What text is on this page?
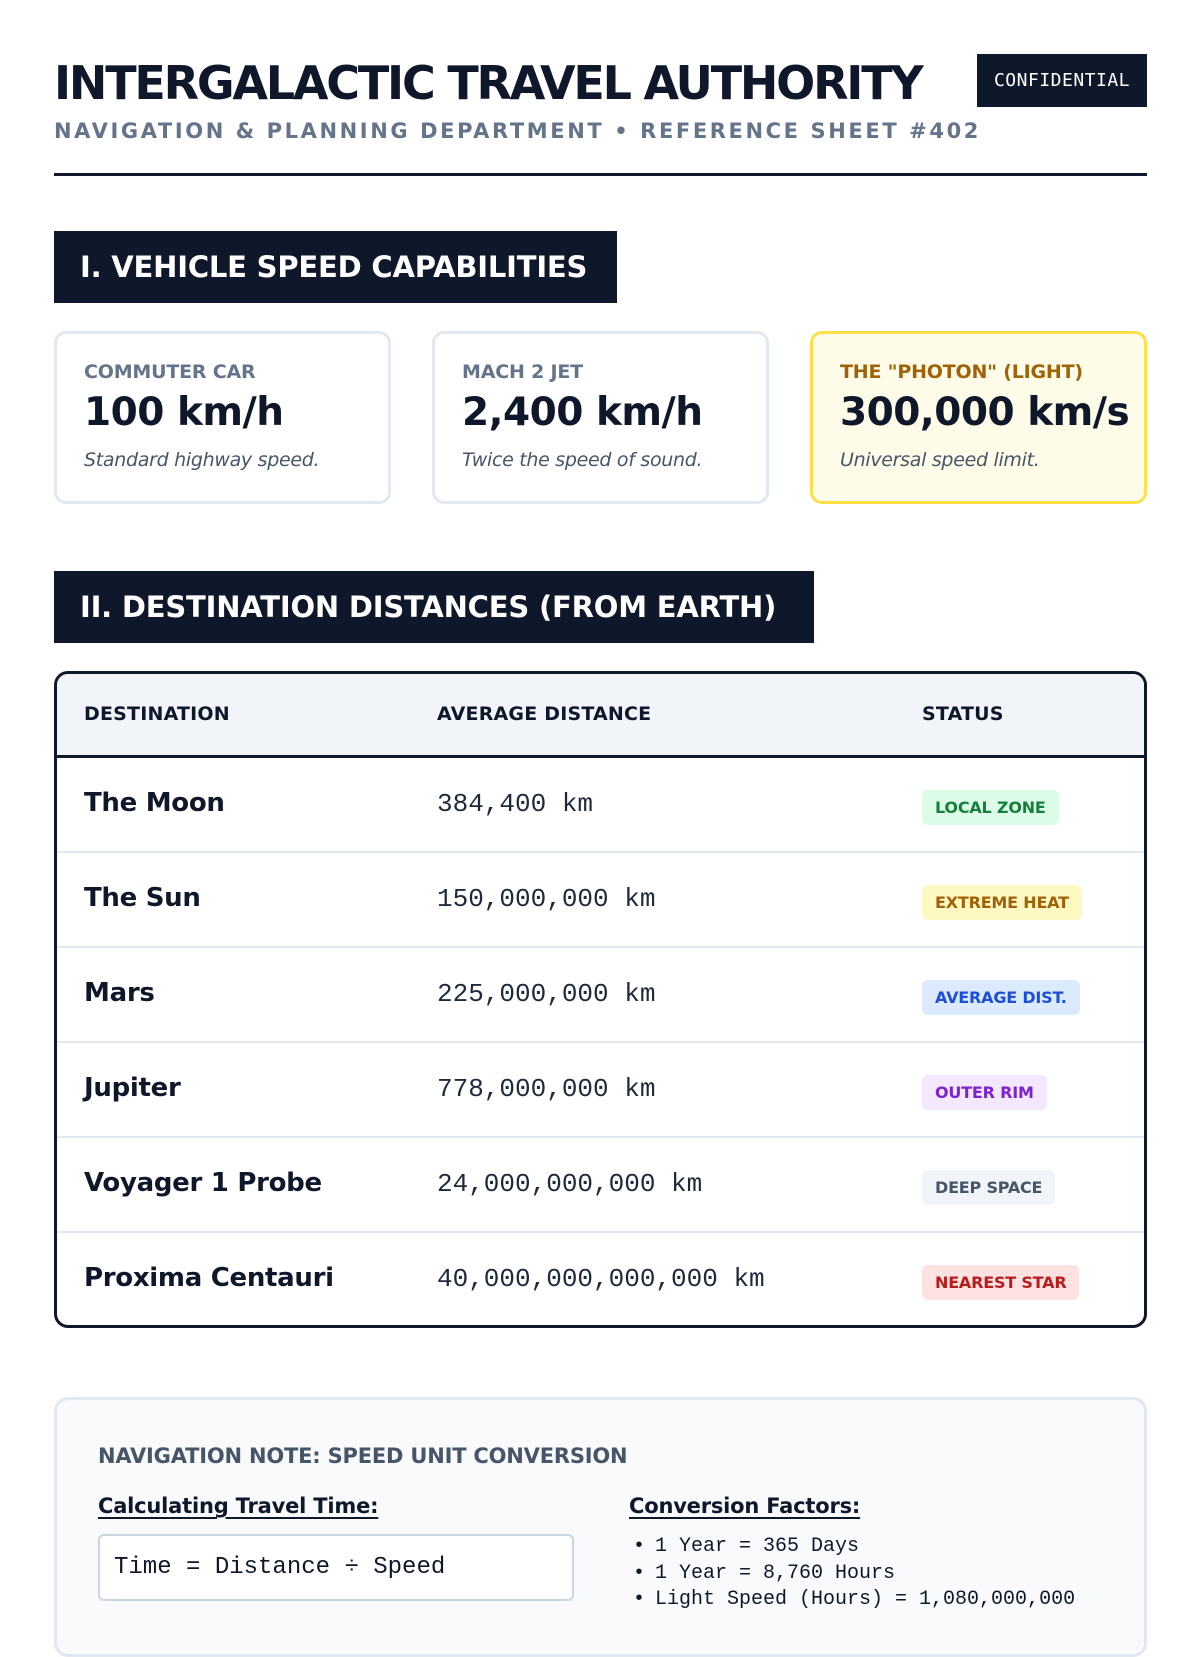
INTERGALACTIC TRAVEL AUTHORITY
NAVIGATION & PLANNING DEPARTMENT • REFERENCE SHEET #402
CONFIDENTIAL
I. VEHICLE SPEED CAPABILITIES
COMMUTER CAR
100 km/h
Standard highway speed.
MACH 2 JET
2,400 km/h
Twice the speed of sound.
THE "PHOTON" (LIGHT)
300,000 km/s
Universal speed limit.
II. DESTINATION DISTANCES (FROM EARTH)
DESTINATION	AVERAGE DISTANCE	STATUS
The Moon	384,400 km	LOCAL ZONE
The Sun	150,000,000 km	EXTREME HEAT
Mars	225,000,000 km	AVERAGE DIST.
Jupiter	778,000,000 km	OUTER RIM
Voyager 1 Probe	24,000,000,000 km	DEEP SPACE
Proxima Centauri	40,000,000,000,000 km	NEAREST STAR
NAVIGATION NOTE: SPEED UNIT CONVERSION
Calculating Travel Time:
Time = Distance ÷ Speed
Conversion Factors:
• 1 Year = 365 Days
• 1 Year = 8,760 Hours
• Light Speed (Hours) = 1,080,000,000
